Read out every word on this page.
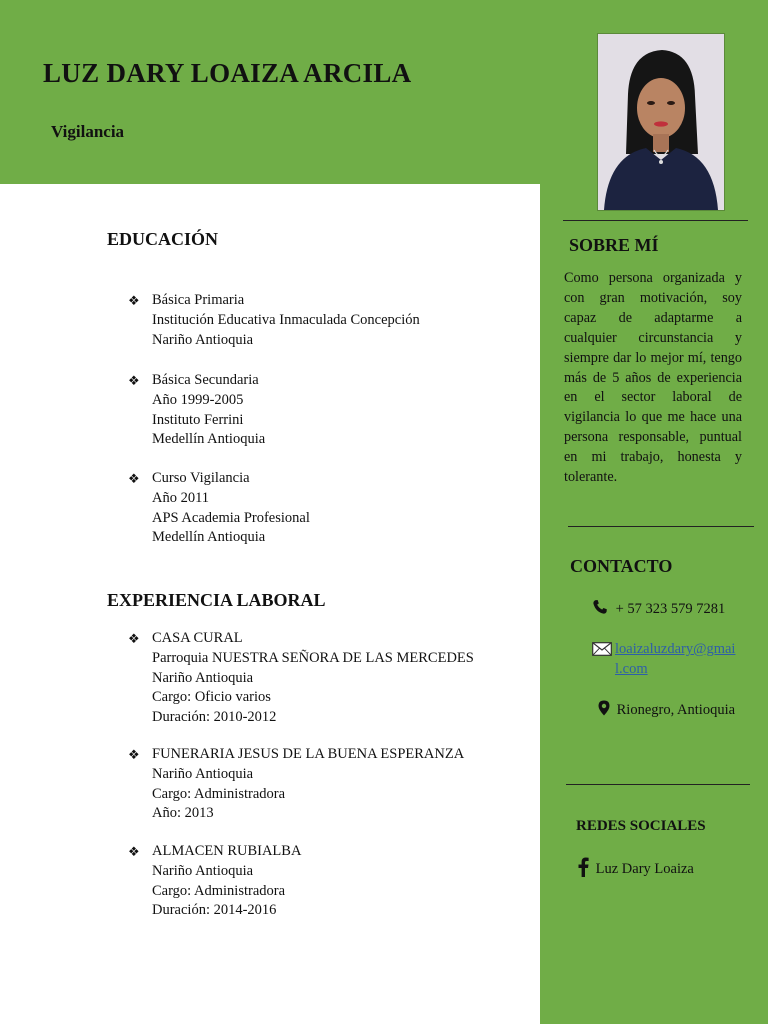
LUZ DARY LOAIZA ARCILA
Vigilancia
EDUCACIÓN
❖ Básica Primaria
Institución Educativa Inmaculada Concepción
Nariño Antioquia
❖ Básica Secundaria
Año 1999-2005
Instituto Ferrini
Medellín Antioquia
❖ Curso Vigilancia
Año 2011
APS Academia Profesional
Medellín Antioquia
EXPERIENCIA LABORAL
❖ CASA CURAL
Parroquia NUESTRA SEÑORA DE LAS MERCEDES
Nariño Antioquia
Cargo: Oficio varios
Duración: 2010-2012
❖ FUNERARIA JESUS DE LA BUENA ESPERANZA
Nariño Antioquia
Cargo: Administradora
Año: 2013
❖ ALMACEN RUBIALBA
Nariño Antioquia
Cargo: Administradora
Duración: 2014-2016
SOBRE MÍ

Como persona organizada y con gran motivación, soy capaz de adaptarme a cualquier circunstancia y siempre dar lo mejor mí, tengo más de 5 años de experiencia en el sector laboral de vigilancia lo que me hace una persona responsable, puntual en mi trabajo, honesta y tolerante.

CONTACTO
+ 57 323 579 7281
loaizaluzdary@gmai
l.com
Rionegro, Antioquia
REDES SOCIALES
Luz Dary Loaiza
